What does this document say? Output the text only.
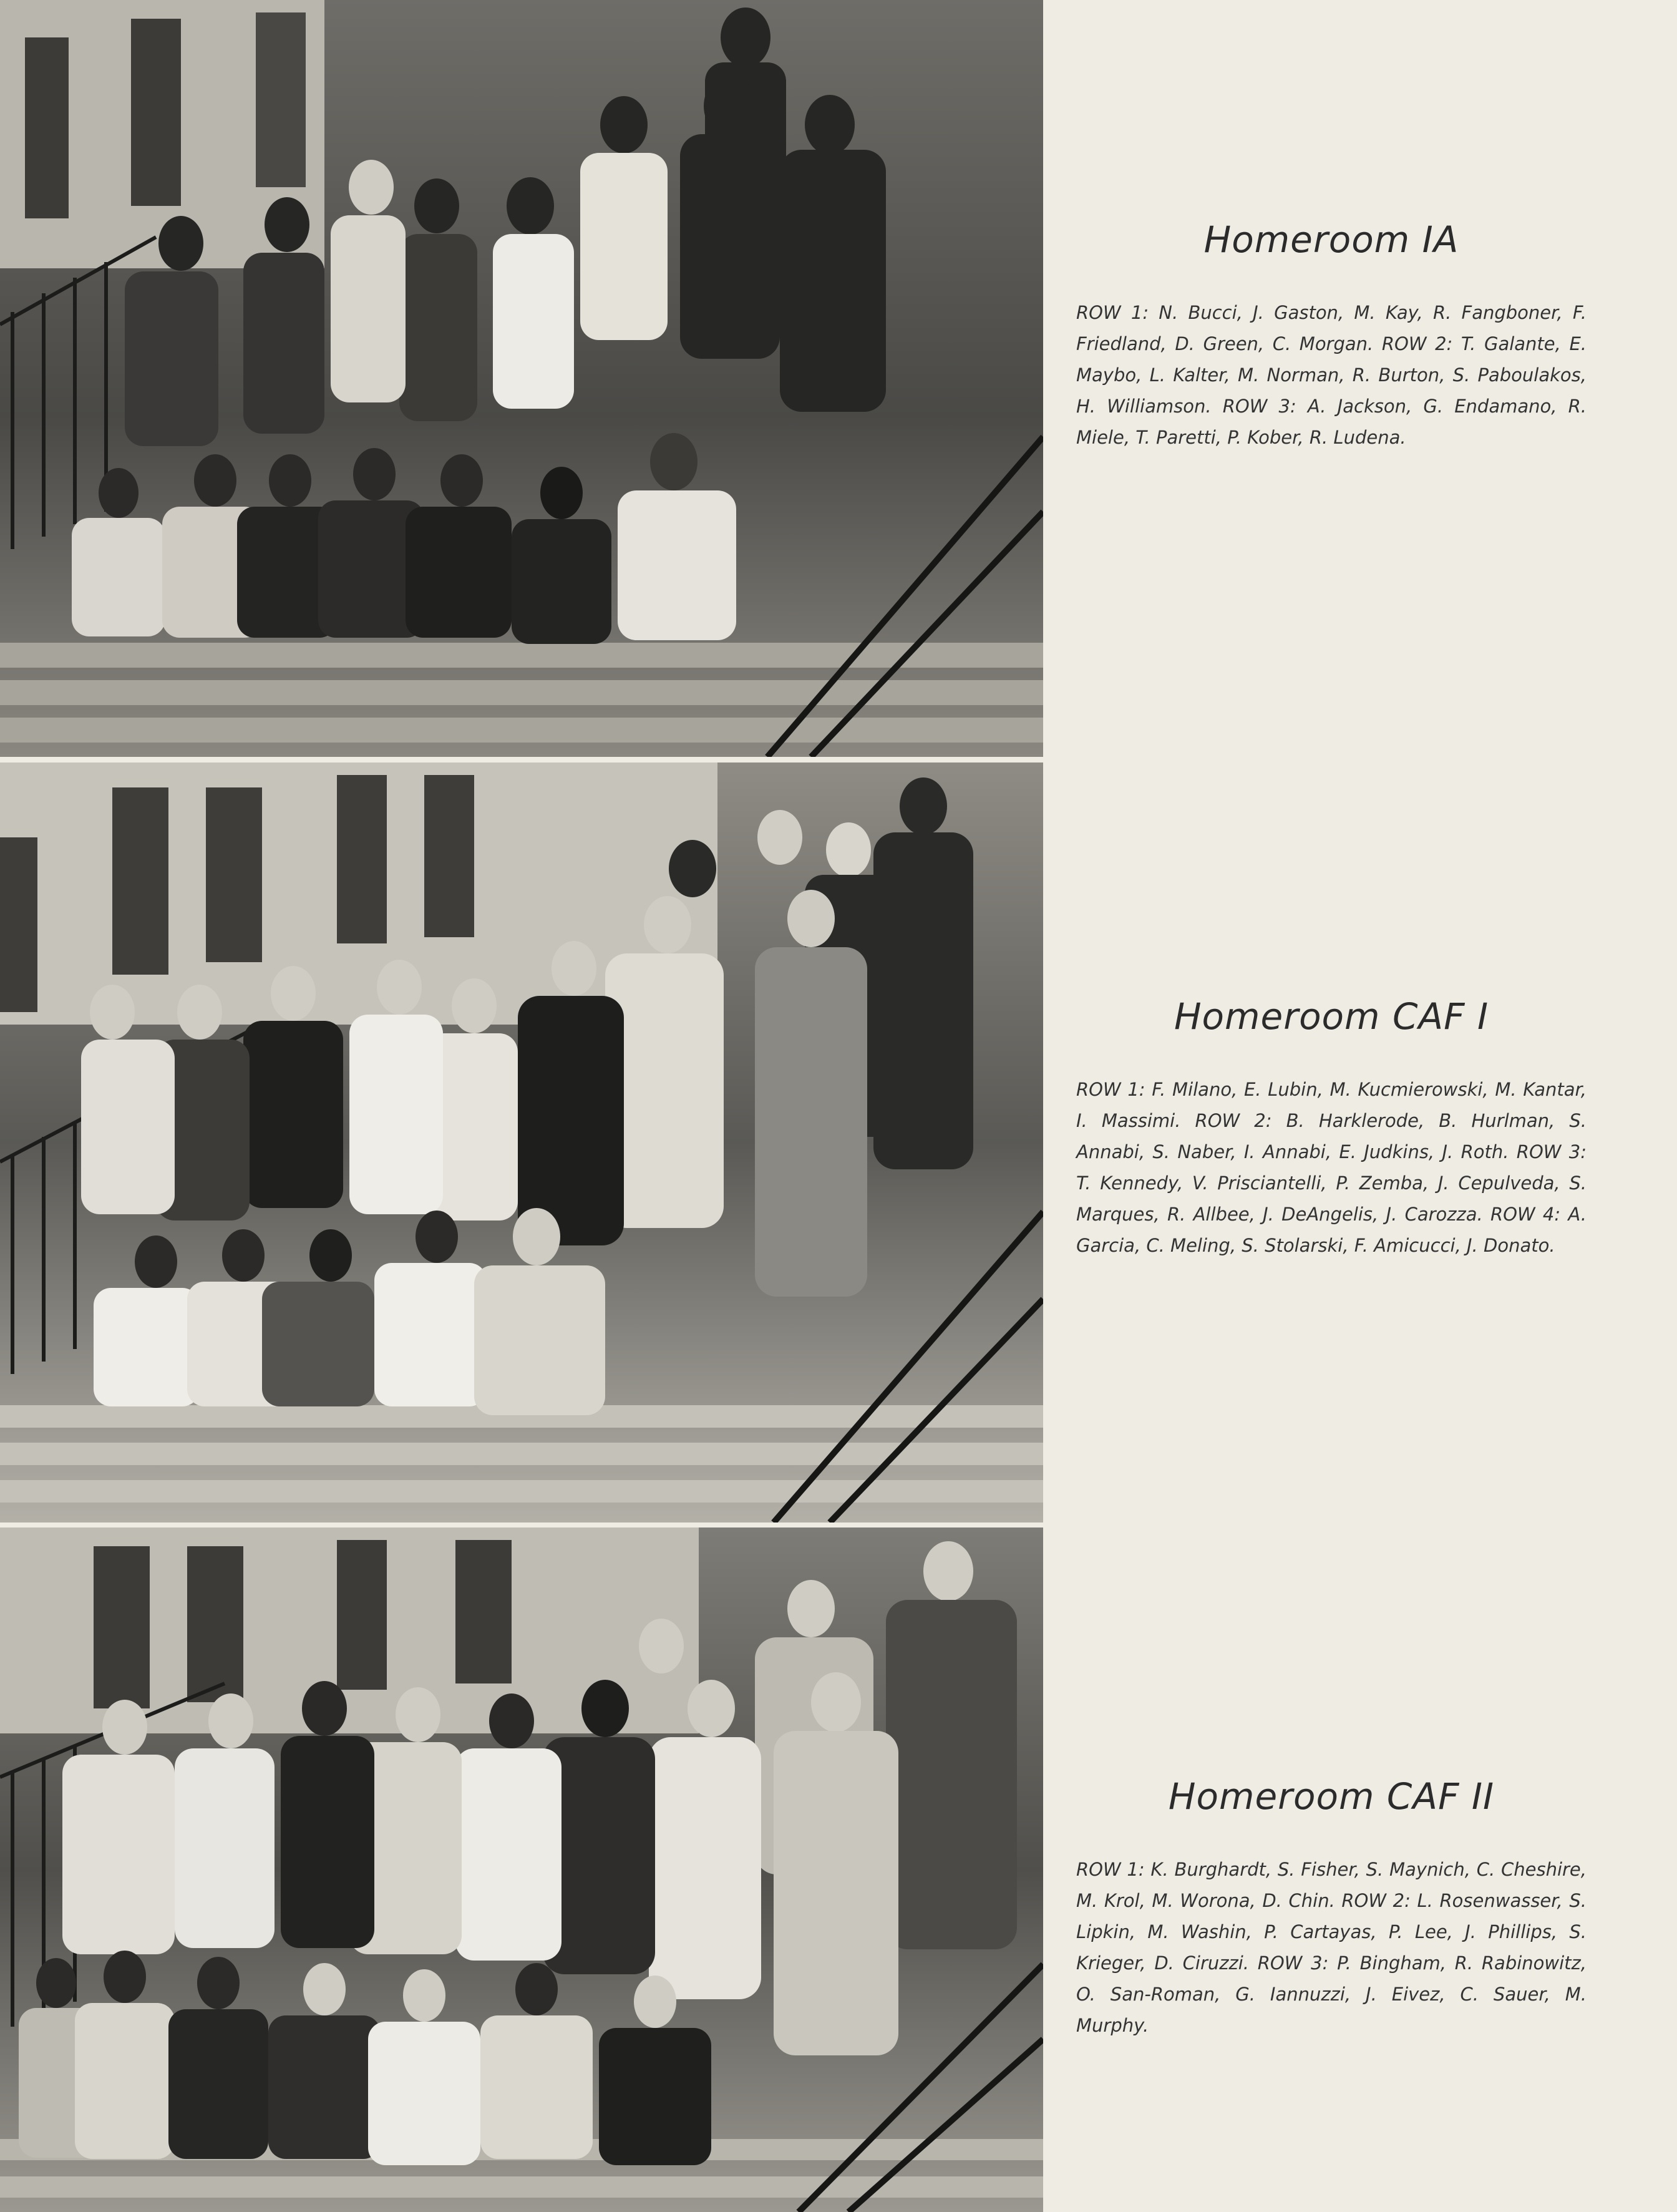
Homeroom IA

ROW 1: N. Bucci, J. Gaston, M. Kay, R. Fangboner, F. Friedland, D. Green, C. Morgan. ROW 2: T. Galante, E. Maybo, L. Kalter, M. Norman, R. Burton, S. Paboulakos, H. Williamson. ROW 3: A. Jackson, G. Endamano, R. Miele, T. Paretti, P. Kober, R. Ludena.

Homeroom CAF I

ROW 1: F. Milano, E. Lubin, M. Kucmierowski, M. Kantar, I. Massimi. ROW 2: B. Harklerode, B. Hurlman, S. Annabi, S. Naber, I. Annabi, E. Judkins, J. Roth. ROW 3: T. Kennedy, V. Prisciantelli, P. Zemba, J. Cepulveda, S. Marques, R. Allbee, J. DeAngelis, J. Carozza. ROW 4: A. Garcia, C. Meling, S. Stolarski, F. Amicucci, J. Donato.

Homeroom CAF II

ROW 1: K. Burghardt, S. Fisher, S. Maynich, C. Cheshire, M. Krol, M. Worona, D. Chin. ROW 2: L. Rosenwasser, S. Lipkin, M. Washin, P. Cartayas, P. Lee, J. Phillips, S. Krieger, D. Ciruzzi. ROW 3: P. Bingham, R. Rabinowitz, O. San-Roman, G. Iannuzzi, J. Eivez, C. Sauer, M. Murphy.
